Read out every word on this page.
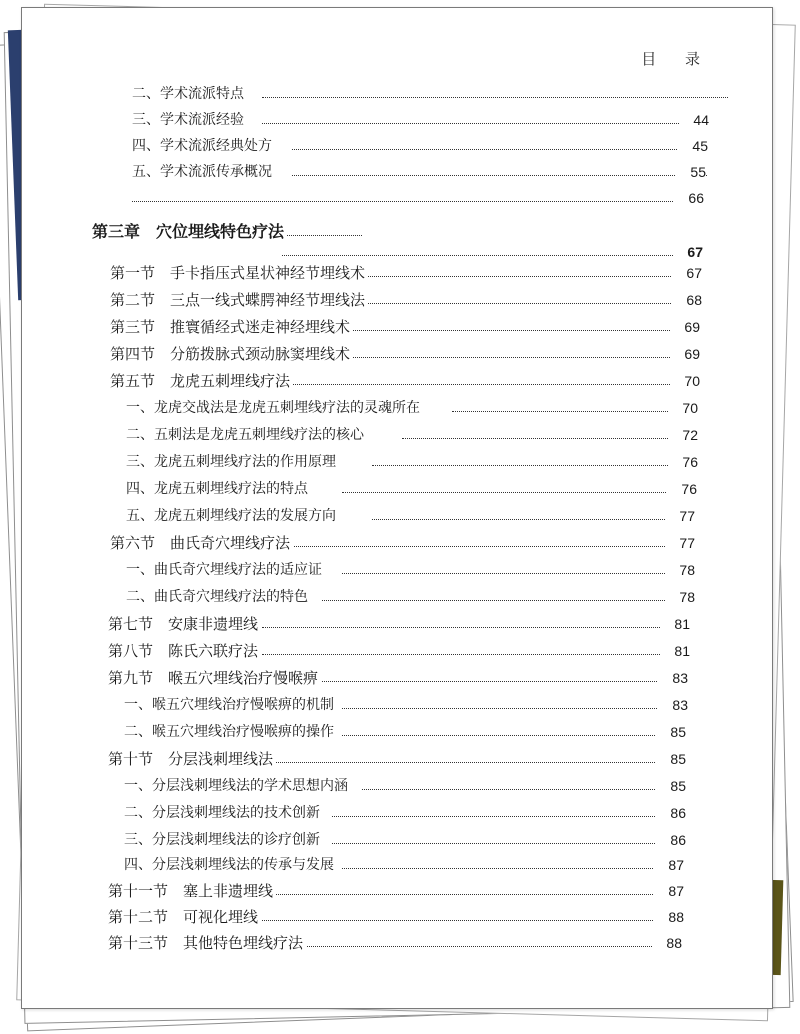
目 录
二、学术流派特点
三、学术流派经验	44
四、学术流派经典处方	45
五、学术流派传承概况	55
66
第三章　穴位埋线特色疗法
67
第一节　手卡指压式星状神经节埋线术	67
第二节　三点一线式蝶腭神经节埋线法	68
第三节　推寰循经式迷走神经埋线术	69
第四节　分筋拨脉式颈动脉窦埋线术	69
第五节　龙虎五刺埋线疗法	70
一、龙虎交战法是龙虎五刺埋线疗法的灵魂所在	70
二、五刺法是龙虎五刺埋线疗法的核心	72
三、龙虎五刺埋线疗法的作用原理	76
四、龙虎五刺埋线疗法的特点	76
五、龙虎五刺埋线疗法的发展方向	77
第六节　曲氏奇穴埋线疗法	77
一、曲氏奇穴埋线疗法的适应证	78
二、曲氏奇穴埋线疗法的特色	78
第七节　安康非遗埋线	81
第八节　陈氏六联疗法	81
第九节　喉五穴埋线治疗慢喉痹	83
一、喉五穴埋线治疗慢喉痹的机制	83
二、喉五穴埋线治疗慢喉痹的操作	85
第十节　分层浅刺埋线法	85
一、分层浅刺埋线法的学术思想内涵	85
二、分层浅刺埋线法的技术创新	86
三、分层浅刺埋线法的诊疗创新	86
四、分层浅刺埋线法的传承与发展	87
第十一节　塞上非遗埋线	87
第十二节　可视化埋线	88
第十三节　其他特色埋线疗法	88
